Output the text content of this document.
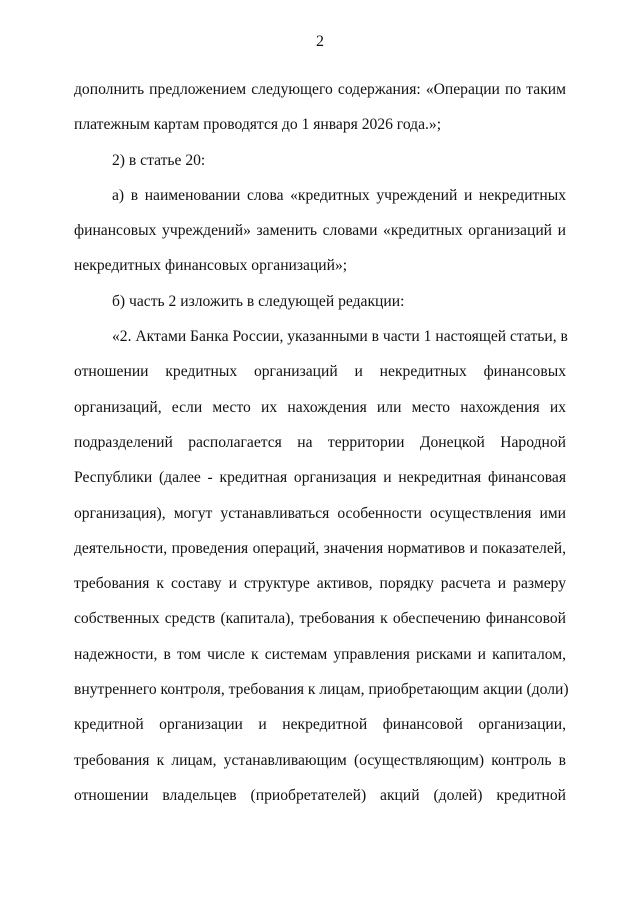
2
дополнить предложением следующего содержания: «Операции по таким
платежным картам проводятся до 1 января 2026 года.»;
2) в статье 20:
а) в наименовании слова «кредитных учреждений и некредитных
финансовых учреждений» заменить словами «кредитных организаций и
некредитных финансовых организаций»;
б) часть 2 изложить в следующей редакции:
«2. Актами Банка России, указанными в части 1 настоящей статьи, в
отношении кредитных организаций и некредитных финансовых
организаций, если место их нахождения или место нахождения их
подразделений располагается на территории Донецкой Народной
Республики (далее - кредитная организация и некредитная финансовая
организация), могут устанавливаться особенности осуществления ими
деятельности, проведения операций, значения нормативов и показателей,
требования к составу и структуре активов, порядку расчета и размеру
собственных средств (капитала), требования к обеспечению финансовой
надежности, в том числе к системам управления рисками и капиталом,
внутреннего контроля, требования к лицам, приобретающим акции (доли)
кредитной организации и некредитной финансовой организации,
требования к лицам, устанавливающим (осуществляющим) контроль в
отношении владельцев (приобретателей) акций (долей) кредитной
